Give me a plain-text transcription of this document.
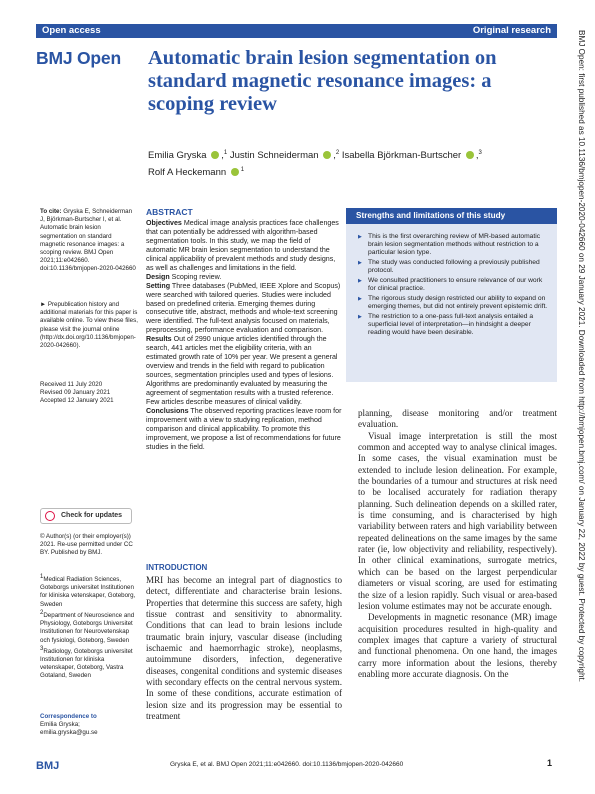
Open access	Original research
BMJ Open Automatic brain lesion segmentation on standard magnetic resonance images: a scoping review
Emilia Gryska ,$^1$ Justin Schneiderman ,$^2$ Isabella Björkman-Burtscher ,$^3$
Rolf A Heckemann $^1$
To cite: Gryska E, Schneiderman J, Björkman-Burtscher I, et al. Automatic brain lesion segmentation on standard magnetic resonance images: a scoping review. BMJ Open 2021;11:e042660. doi:10.1136/bmjopen-2020-042660
► Prepublication history and additional materials for this paper is available online. To view these files, please visit the journal online (http://dx.doi.org/10.1136/bmjopen-2020-042660).
Received 11 July 2020
Revised 09 January 2021
Accepted 12 January 2021
Check for updates
© Author(s) (or their employer(s)) 2021. Re-use permitted under CC BY. Published by BMJ.
$^1$Medical Radiation Sciences, Goteborgs universitet Institutionen for kliniska vetenskaper, Goteborg, Sweden
$^2$Department of Neuroscience and Physiology, Goteborgs Universitet Institutionen for Neurovetenskap och fysiologi, Goteborg, Sweden
$^3$Radiology, Goteborgs universitet Institutionen for kliniska vetenskaper, Goteborg, Vastra Gotaland, Sweden
Correspondence to
Emilia Gryska;
emilia.gryska@gu.se
ABSTRACT
Objectives Medical image analysis practices face challenges that can potentially be addressed with algorithm-based segmentation tools. In this study, we map the field of automatic MR brain lesion segmentation to understand the clinical applicability of prevalent methods and study designs, as well as challenges and limitations in the field.
Design Scoping review.
Setting Three databases (PubMed, IEEE Xplore and Scopus) were searched with tailored queries. Studies were included based on predefined criteria. Emerging themes during consecutive title, abstract, methods and whole-text screening were identified. The full-text analysis focused on materials, preprocessing, performance evaluation and comparison.
Results Out of 2990 unique articles identified through the search, 441 articles met the eligibility criteria, with an estimated growth rate of 10% per year. We present a general overview and trends in the field with regard to publication sources, segmentation principles used and types of lesions. Algorithms are predominantly evaluated by measuring the agreement of segmentation results with a trusted reference. Few articles describe measures of clinical validity.
Conclusions The observed reporting practices leave room for improvement with a view to studying replication, method comparison and clinical applicability. To promote this improvement, we propose a list of recommendations for future studies in the field.
Strengths and limitations of this study
▶ This is the first overarching review of MR-based automatic brain lesion segmentation methods without restriction to a particular lesion type.
▶ The study was conducted following a previously published protocol.
▶ We consulted practitioners to ensure relevance of our work for clinical practice.
▶ The rigorous study design restricted our ability to expand on emerging themes, but did not entirely prevent epistemic drift.
▶ The restriction to a one-pass full-text analysis entailed a superficial level of interpretation—in hindsight a deeper reading would have been desirable.
INTRODUCTION

MRI has become an integral part of diagnostics to detect, differentiate and characterise brain lesions. Properties that determine this success are safety, high tissue contrast and sensitivity to abnormality. Conditions that can lead to brain lesions include traumatic brain injury, vascular disease (including ischaemic and haemorrhagic stroke), neoplasms, autoimmune disorders, infection, degenerative diseases, congenital conditions and systemic diseases with secondary effects on the central nervous system. In some of these conditions, accurate estimation of lesion size and its progression may be essential to treatment

planning, disease monitoring and/or treatment evaluation.

Visual image interpretation is still the most common and accepted way to analyse clinical images. In some cases, the visual examination must be extended to include lesion delineation. For example, the boundaries of a tumour and structures at risk need to be localised accurately for radiation therapy planning. Such delineation depends on a skilled rater, is time consuming, and is characterised by high variability between raters and high variability between repeated delineations on the same images by the same rater (ie, low objectivity and reliability, respectively). In other clinical examinations, surrogate metrics, which can be based on the largest perpendicular diameters or visual scoring, are used for estimating the size of a lesion rapidly. Such visual or area-based lesion volume estimates may not be accurate enough.

Developments in magnetic resonance (MR) image acquisition procedures resulted in high-quality and complex images that capture a variety of structural and functional phenomena. On one hand, the images carry more information about the lesions, thereby enabling more accurate diagnosis. On the	BMJ Open: first published as 10.1136/bmjopen-2020-042660 on 29 January 2021. Downloaded from http://bmjopen.bmj.com/ on January 22, 2022 by guest. Protected by copyright.
BMJ	Gryska E, et al. BMJ Open 2021;11:e042660. doi:10.1136/bmjopen-2020-042660	1
